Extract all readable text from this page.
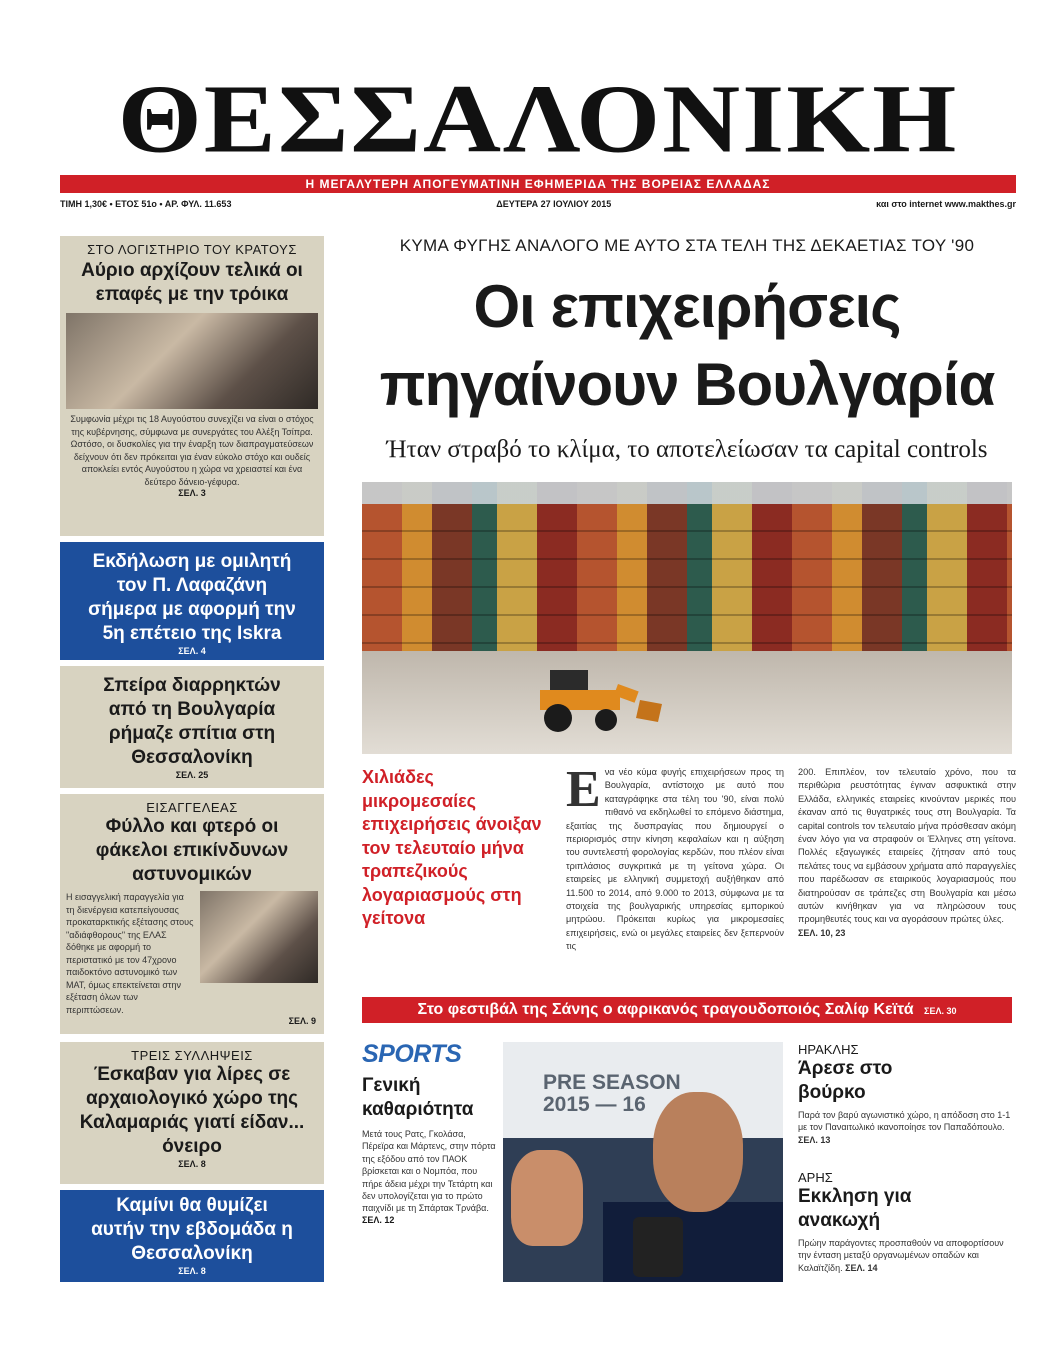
ΘΕΣΣΑΛΟΝΙΚΗ
Η ΜΕΓΑΛΥΤΕΡΗ ΑΠΟΓΕΥΜΑΤΙΝΗ ΕΦΗΜΕΡΙΔΑ ΤΗΣ ΒΟΡΕΙΑΣ ΕΛΛΑΔΑΣ
ΤΙΜΗ 1,30€ • ΕΤΟΣ 51ο • ΑΡ. ΦΥΛ. 11.653	ΔΕΥΤΕΡΑ 27 ΙΟΥΛΙΟΥ 2015	και στο internet www.makthes.gr
ΣΤΟ ΛΟΓΙΣΤΗΡΙΟ ΤΟΥ ΚΡΑΤΟΥΣ
Αύριο αρχίζουν τελικά οι επαφές με την τρόικα
Συμφωνία μέχρι τις 18 Αυγούστου συνεχίζει να είναι ο στόχος της κυβέρνησης, σύμφωνα με συνεργάτες του Αλέξη Τσίπρα. Ωστόσο, οι δυσκολίες για την έναρξη των διαπραγματεύσεων δείχνουν ότι δεν πρόκειται για έναν εύκολο στόχο και ουδείς αποκλείει εντός Αυγούστου η χώρα να χρειαστεί και ένα δεύτερο δάνειο-γέφυρα.
ΣΕΛ. 3
Εκδήλωση με ομιλητή τον Π. Λαφαζάνη σήμερα με αφορμή την 5η επέτειο της Iskra
ΣΕΛ. 4
Σπείρα διαρρηκτών από τη Βουλγαρία ρήμαζε σπίτια στη Θεσσαλονίκη
ΣΕΛ. 25
ΕΙΣΑΓΓΕΛΕΑΣ
Φύλλο και φτερό οι φάκελοι επικίνδυνων αστυνομικών
Η εισαγγελική παραγγελία για τη διενέργεια κατεπείγουσας προκαταρκτικής εξέτασης στους "αδιάφθορους" της ΕΛΑΣ δόθηκε με αφορμή το περιστατικό με τον 47χρονο παιδοκτόνο αστυνομικό των ΜΑΤ, όμως επεκτείνεται στην εξέταση όλων των περιπτώσεων.
ΣΕΛ. 9
ΤΡΕΙΣ ΣΥΛΛΗΨΕΙΣ
Έσκαβαν για λίρες σε αρχαιολογικό χώρο της Καλαμαριάς γιατί είδαν... όνειρο
ΣΕΛ. 8
Καμίνι θα θυμίζει αυτήν την εβδομάδα η Θεσσαλονίκη
ΣΕΛ. 8
ΚΥΜΑ ΦΥΓΗΣ ΑΝΑΛΟΓΟ ΜΕ ΑΥΤΟ ΣΤΑ ΤΕΛΗ ΤΗΣ ΔΕΚΑΕΤΙΑΣ ΤΟΥ '90
Οι επιχειρήσεις
πηγαίνουν Βουλγαρία
Ήταν στραβό το κλίμα, το αποτελείωσαν τα capital controls
Χιλιάδες μικρομεσαίες επιχειρήσεις άνοιξαν τον τελευταίο μήνα τραπεζικούς λογαριασμούς στη γείτονα
Ε να νέο κύμα φυγής επιχειρήσεων προς τη Βουλγαρία, αντίστοιχο με αυτό που καταγράφηκε στα τέλη του '90, είναι πολύ πιθανό να εκδηλωθεί το επόμενο διάστημα, εξαιτίας της δυσπραγίας που δημιουργεί ο περιορισμός στην κίνηση κεφαλαίων και η αύξηση του συντελεστή φορολογίας κερδών, που πλέον είναι τριπλάσιος συγκριτικά με τη γείτονα χώρα. Οι εταιρείες με ελληνική συμμετοχή αυξήθηκαν από 11.500 το 2014, από 9.000 το 2013, σύμφωνα με τα στοιχεία της βουλγαρικής υπηρεσίας εμπορικού μητρώου. Πρόκειται κυρίως για μικρομεσαίες επιχειρήσεις, ενώ οι μεγάλες εταιρείες δεν ξεπερνούν τις
200. Επιπλέον, τον τελευταίο χρόνο, που τα περιθώρια ρευστότητας έγιναν ασφυκτικά στην Ελλάδα, ελληνικές εταιρείες κινούνταν μερικές που έκαναν από τις θυγατρικές τους στη Βουλγαρία. Τα capital controls τον τελευταίο μήνα πρόσθεσαν ακόμη έναν λόγο για να στραφούν οι Έλληνες στη γείτονα. Πολλές εξαγωγικές εταιρείες ζήτησαν από τους πελάτες τους να εμβάσουν χρήματα από παραγγελίες που παρέδωσαν σε εταιρικούς λογαριασμούς που διατηρούσαν σε τράπεζες στη Βουλγαρία και μέσω αυτών κινήθηκαν για να πληρώσουν τους προμηθευτές τους και να αγοράσουν πρώτες ύλες.
ΣΕΛ. 10, 23
Στο φεστιβάλ της Σάνης ο αφρικανός τραγουδοποιός Σαλίφ Κεϊτά ΣΕΛ. 30
SPORTS
Γενική καθαριότητα
Μετά τους Ρατς, Γκολάσα, Πέρεϊρα και Μάρτενς, στην πόρτα της εξόδου από τον ΠΑΟΚ βρίσκεται και ο Νομπόα, που πήρε άδεια μέχρι την Τετάρτη και δεν υπολογίζεται για το πρώτο παιχνίδι με τη Σπάρτακ Τρνάβα.
ΣΕΛ. 12
PRE SEASON 2015 — 16
ΗΡΑΚΛΗΣ
Άρεσε στο βούρκο
Παρά τον βαρύ αγωνιστικό χώρο, η απόδοση στο 1-1 με τον Παναιτωλικό ικανοποίησε τον Παπαδόπουλο. ΣΕΛ. 13
ΑΡΗΣ
Εκκληση για ανακωχή
Πρώην παράγοντες προσπαθούν να αποφορτίσουν την ένταση μεταξύ οργανωμένων οπαδών και Καλαϊτζίδη. ΣΕΛ. 14
